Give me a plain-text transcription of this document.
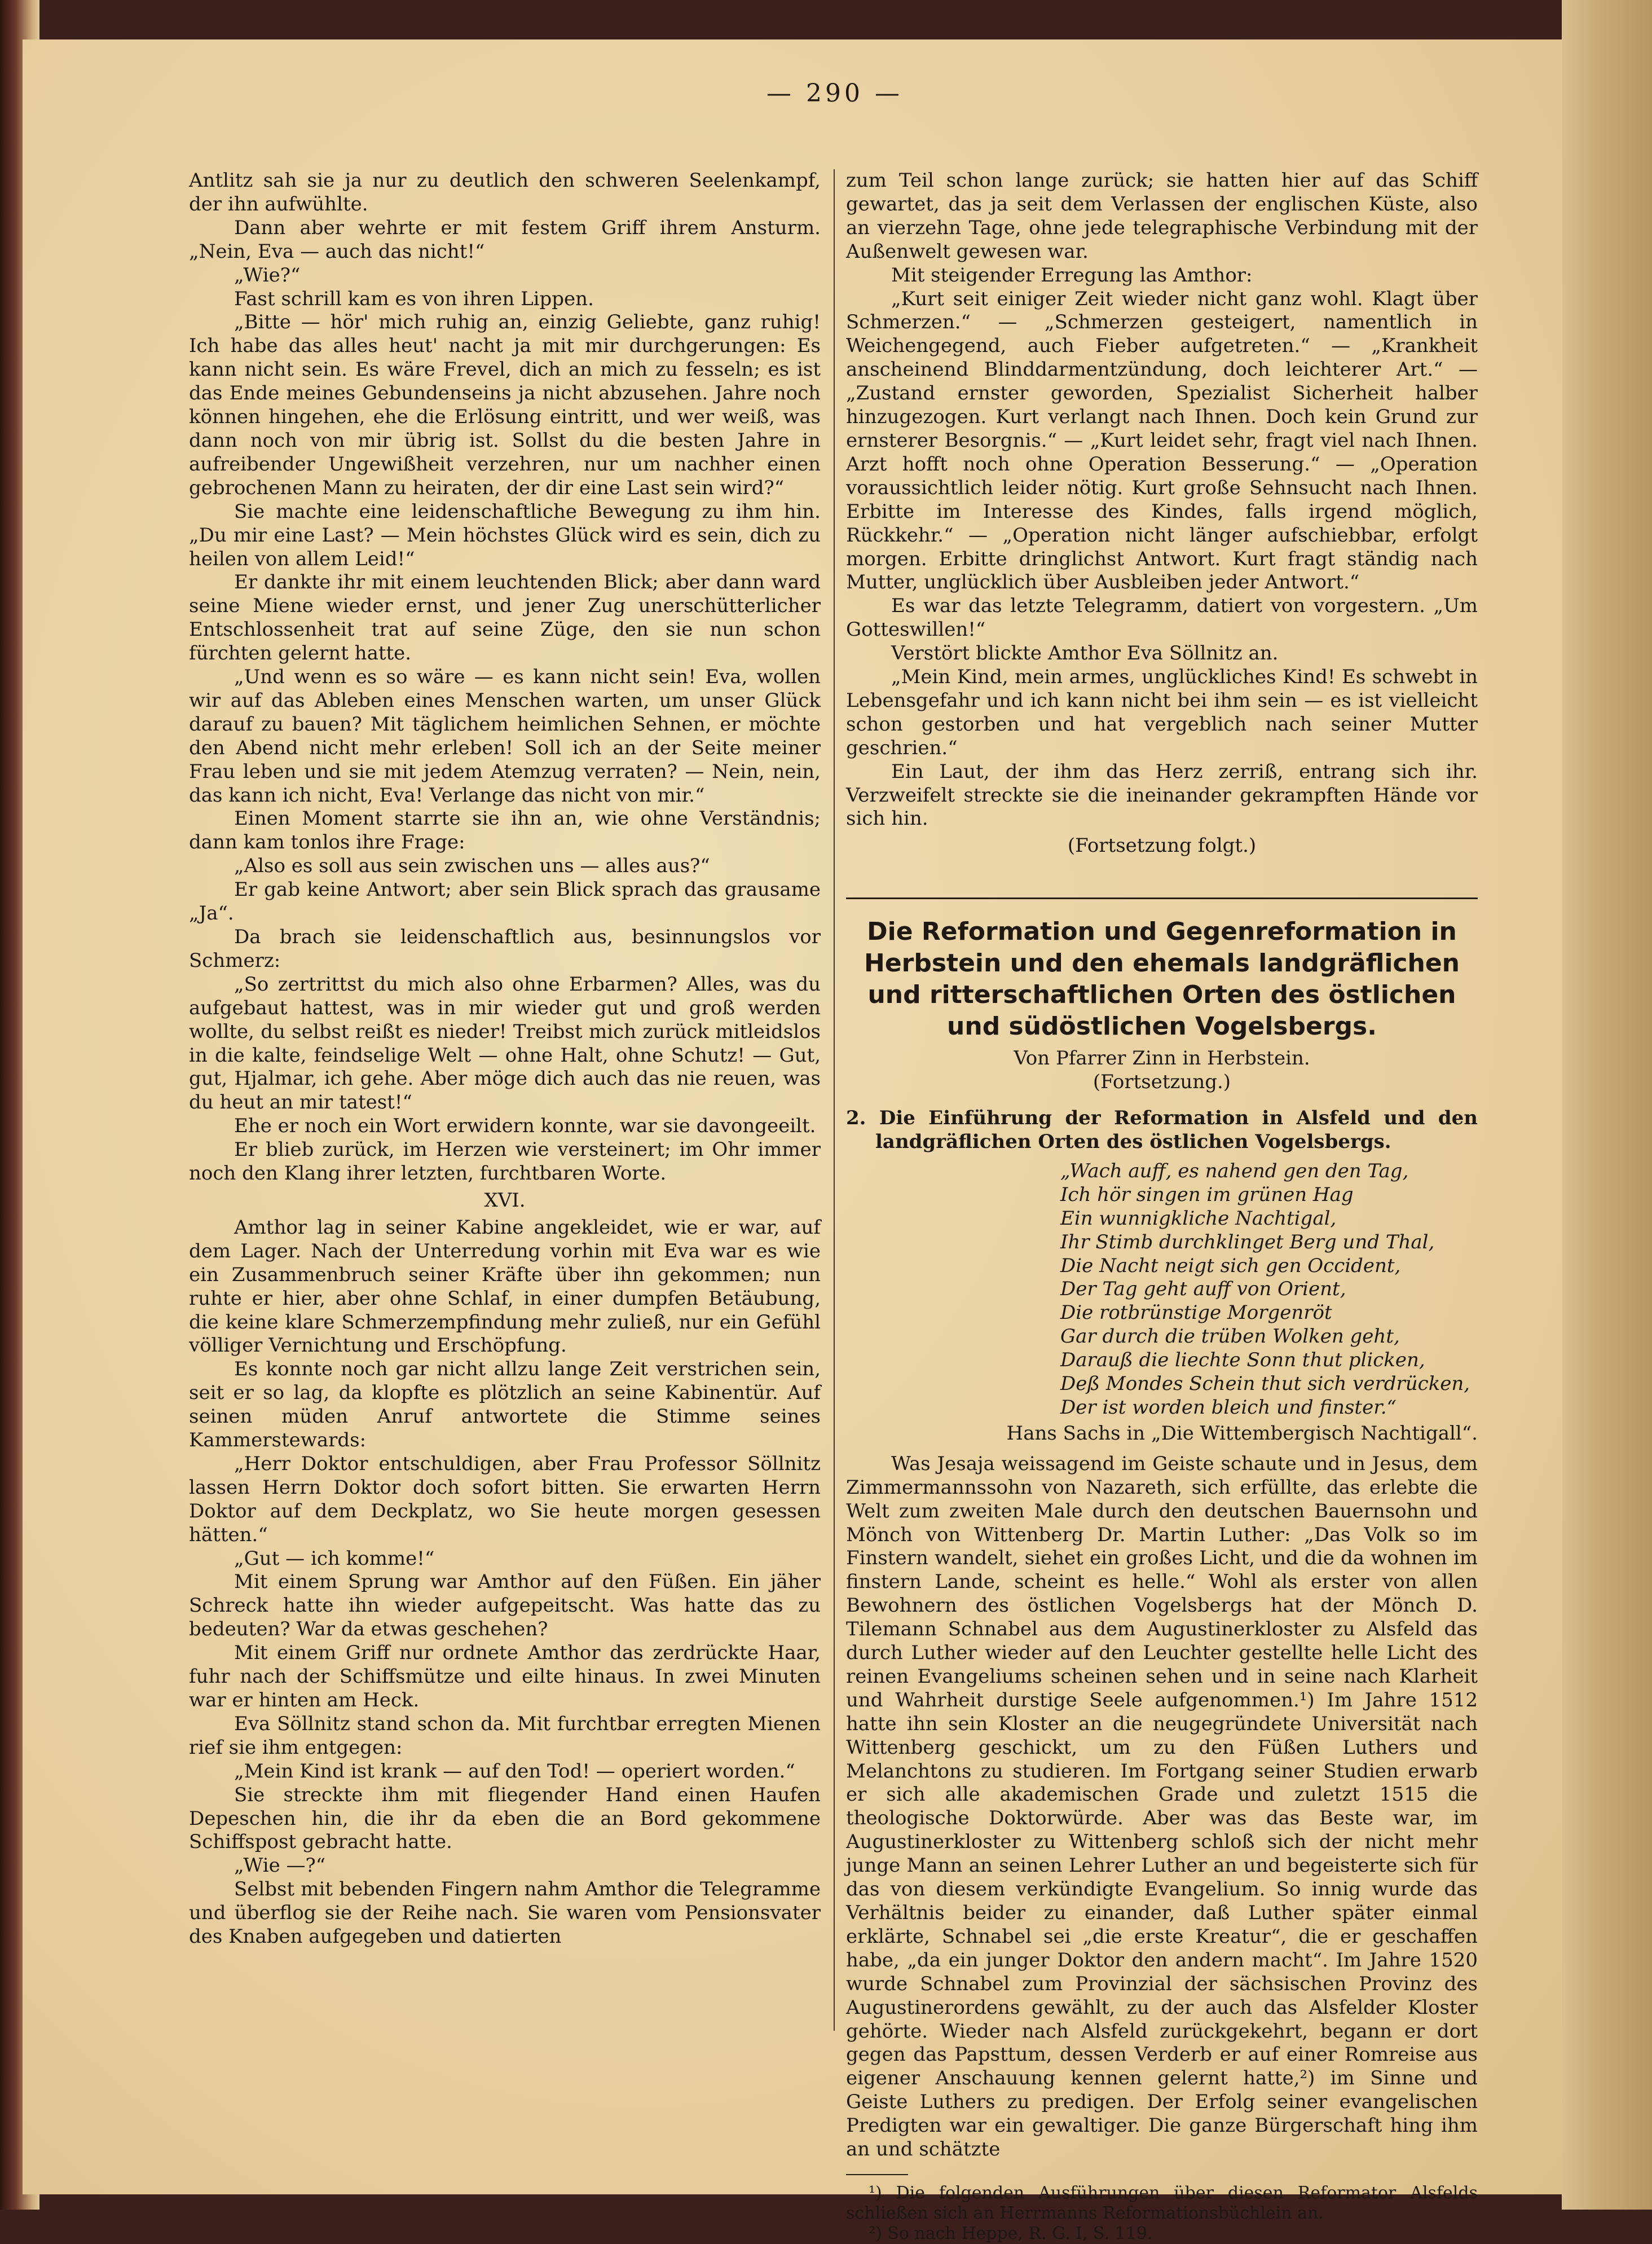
— 290 —

Antlitz sah sie ja nur zu deutlich den schweren Seelenkampf, der ihn aufwühlte.

Dann aber wehrte er mit festem Griff ihrem Ansturm. „Nein, Eva — auch das nicht!“

„Wie?“

Fast schrill kam es von ihren Lippen.

„Bitte — hör' mich ruhig an, einzig Geliebte, ganz ruhig! Ich habe das alles heut' nacht ja mit mir durchgerungen: Es kann nicht sein. Es wäre Frevel, dich an mich zu fesseln; es ist das Ende meines Gebundenseins ja nicht abzusehen. Jahre noch können hingehen, ehe die Erlösung eintritt, und wer weiß, was dann noch von mir übrig ist. Sollst du die besten Jahre in aufreibender Ungewißheit verzehren, nur um nachher einen gebrochenen Mann zu heiraten, der dir eine Last sein wird?“

Sie machte eine leidenschaftliche Bewegung zu ihm hin. „Du mir eine Last? — Mein höchstes Glück wird es sein, dich zu heilen von allem Leid!“

Er dankte ihr mit einem leuchtenden Blick; aber dann ward seine Miene wieder ernst, und jener Zug unerschütterlicher Entschlossenheit trat auf seine Züge, den sie nun schon fürchten gelernt hatte.

„Und wenn es so wäre — es kann nicht sein! Eva, wollen wir auf das Ableben eines Menschen warten, um unser Glück darauf zu bauen? Mit täglichem heimlichen Sehnen, er möchte den Abend nicht mehr erleben! Soll ich an der Seite meiner Frau leben und sie mit jedem Atemzug verraten? — Nein, nein, das kann ich nicht, Eva! Verlange das nicht von mir.“

Einen Moment starrte sie ihn an, wie ohne Verständnis; dann kam tonlos ihre Frage:

„Also es soll aus sein zwischen uns — alles aus?“

Er gab keine Antwort; aber sein Blick sprach das grausame „Ja“.

Da brach sie leidenschaftlich aus, besinnungslos vor Schmerz:

„So zertrittst du mich also ohne Erbarmen? Alles, was du aufgebaut hattest, was in mir wieder gut und groß werden wollte, du selbst reißt es nieder! Treibst mich zurück mitleidslos in die kalte, feindselige Welt — ohne Halt, ohne Schutz! — Gut, gut, Hjalmar, ich gehe. Aber möge dich auch das nie reuen, was du heut an mir tatest!“

Ehe er noch ein Wort erwidern konnte, war sie davongeeilt.

Er blieb zurück, im Herzen wie versteinert; im Ohr immer noch den Klang ihrer letzten, furchtbaren Worte.

XVI.

Amthor lag in seiner Kabine angekleidet, wie er war, auf dem Lager. Nach der Unterredung vorhin mit Eva war es wie ein Zusammenbruch seiner Kräfte über ihn gekommen; nun ruhte er hier, aber ohne Schlaf, in einer dumpfen Betäubung, die keine klare Schmerzempfindung mehr zuließ, nur ein Gefühl völliger Vernichtung und Erschöpfung.

Es konnte noch gar nicht allzu lange Zeit verstrichen sein, seit er so lag, da klopfte es plötzlich an seine Kabinentür. Auf seinen müden Anruf antwortete die Stimme seines Kammerstewards:

„Herr Doktor entschuldigen, aber Frau Professor Söllnitz lassen Herrn Doktor doch sofort bitten. Sie erwarten Herrn Doktor auf dem Deckplatz, wo Sie heute morgen gesessen hätten.“

„Gut — ich komme!“

Mit einem Sprung war Amthor auf den Füßen. Ein jäher Schreck hatte ihn wieder aufgepeitscht. Was hatte das zu bedeuten? War da etwas geschehen?

Mit einem Griff nur ordnete Amthor das zerdrückte Haar, fuhr nach der Schiffsmütze und eilte hinaus. In zwei Minuten war er hinten am Heck.

Eva Söllnitz stand schon da. Mit furchtbar erregten Mienen rief sie ihm entgegen:

„Mein Kind ist krank — auf den Tod! — operiert worden.“

Sie streckte ihm mit fliegender Hand einen Haufen Depeschen hin, die ihr da eben die an Bord gekommene Schiffspost gebracht hatte.

„Wie —?“

Selbst mit bebenden Fingern nahm Amthor die Telegramme und überflog sie der Reihe nach. Sie waren vom Pensionsvater des Knaben aufgegeben und datierten

zum Teil schon lange zurück; sie hatten hier auf das Schiff gewartet, das ja seit dem Verlassen der englischen Küste, also an vierzehn Tage, ohne jede telegraphische Verbindung mit der Außenwelt gewesen war.

Mit steigender Erregung las Amthor:

„Kurt seit einiger Zeit wieder nicht ganz wohl. Klagt über Schmerzen.“ — „Schmerzen gesteigert, namentlich in Weichengegend, auch Fieber aufgetreten.“ — „Krankheit anscheinend Blinddarmentzündung, doch leichterer Art.“ — „Zustand ernster geworden, Spezialist Sicherheit halber hinzugezogen. Kurt verlangt nach Ihnen. Doch kein Grund zur ernsterer Besorgnis.“ — „Kurt leidet sehr, fragt viel nach Ihnen. Arzt hofft noch ohne Operation Besserung.“ — „Operation voraussichtlich leider nötig. Kurt große Sehnsucht nach Ihnen. Erbitte im Interesse des Kindes, falls irgend möglich, Rückkehr.“ — „Operation nicht länger aufschiebbar, erfolgt morgen. Erbitte dringlichst Antwort. Kurt fragt ständig nach Mutter, unglücklich über Ausbleiben jeder Antwort.“

Es war das letzte Telegramm, datiert von vorgestern. „Um Gotteswillen!“

Verstört blickte Amthor Eva Söllnitz an.

„Mein Kind, mein armes, unglückliches Kind! Es schwebt in Lebensgefahr und ich kann nicht bei ihm sein — es ist vielleicht schon gestorben und hat vergeblich nach seiner Mutter geschrien.“

Ein Laut, der ihm das Herz zerriß, entrang sich ihr. Verzweifelt streckte sie die ineinander gekrampften Hände vor sich hin.

(Fortsetzung folgt.)

Die Reformation und Gegenreformation in Herbstein und den ehemals landgräflichen und ritterschaftlichen Orten des östlichen und südöstlichen Vogelsbergs.

Von Pfarrer Zinn in Herbstein.

(Fortsetzung.)

2. Die Einführung der Reformation in Alsfeld und den landgräflichen Orten des östlichen Vogelsbergs.

„Wach auff, es nahend gen den Tag,
Ich hör singen im grünen Hag
Ein wunnigkliche Nachtigal,
Ihr Stimb durchklinget Berg und Thal,
Die Nacht neigt sich gen Occident,
Der Tag geht auff von Orient,
Die rotbrünstige Morgenröt
Gar durch die trüben Wolken geht,
Darauß die liechte Sonn thut plicken,
Deß Mondes Schein thut sich verdrücken,
Der ist worden bleich und finster.“

Hans Sachs in „Die Wittembergisch Nachtigall“.

Was Jesaja weissagend im Geiste schaute und in Jesus, dem Zimmermannssohn von Nazareth, sich erfüllte, das erlebte die Welt zum zweiten Male durch den deutschen Bauernsohn und Mönch von Wittenberg Dr. Martin Luther: „Das Volk so im Finstern wandelt, siehet ein großes Licht, und die da wohnen im finstern Lande, scheint es helle.“ Wohl als erster von allen Bewohnern des östlichen Vogelsbergs hat der Mönch D. Tilemann Schnabel aus dem Augustinerkloster zu Alsfeld das durch Luther wieder auf den Leuchter gestellte helle Licht des reinen Evangeliums scheinen sehen und in seine nach Klarheit und Wahrheit durstige Seele aufgenommen.¹) Im Jahre 1512 hatte ihn sein Kloster an die neugegründete Universität nach Wittenberg geschickt, um zu den Füßen Luthers und Melanchtons zu studieren. Im Fortgang seiner Studien erwarb er sich alle akademischen Grade und zuletzt 1515 die theologische Doktorwürde. Aber was das Beste war, im Augustinerkloster zu Wittenberg schloß sich der nicht mehr junge Mann an seinen Lehrer Luther an und begeisterte sich für das von diesem verkündigte Evangelium. So innig wurde das Verhältnis beider zu einander, daß Luther später einmal erklärte, Schnabel sei „die erste Kreatur“, die er geschaffen habe, „da ein junger Doktor den andern macht“. Im Jahre 1520 wurde Schnabel zum Provinzial der sächsischen Provinz des Augustinerordens gewählt, zu der auch das Alsfelder Kloster gehörte. Wieder nach Alsfeld zurückgekehrt, begann er dort gegen das Papsttum, dessen Verderb er auf einer Romreise aus eigener Anschauung kennen gelernt hatte,²) im Sinne und Geiste Luthers zu predigen. Der Erfolg seiner evangelischen Predigten war ein gewaltiger. Die ganze Bürgerschaft hing ihm an und schätzte

¹) Die folgenden Ausführungen über diesen Reformator Alsfelds schließen sich an Herrmanns Reformationsbüchlein an.

²) So nach Heppe, R. G. I, S. 119.
